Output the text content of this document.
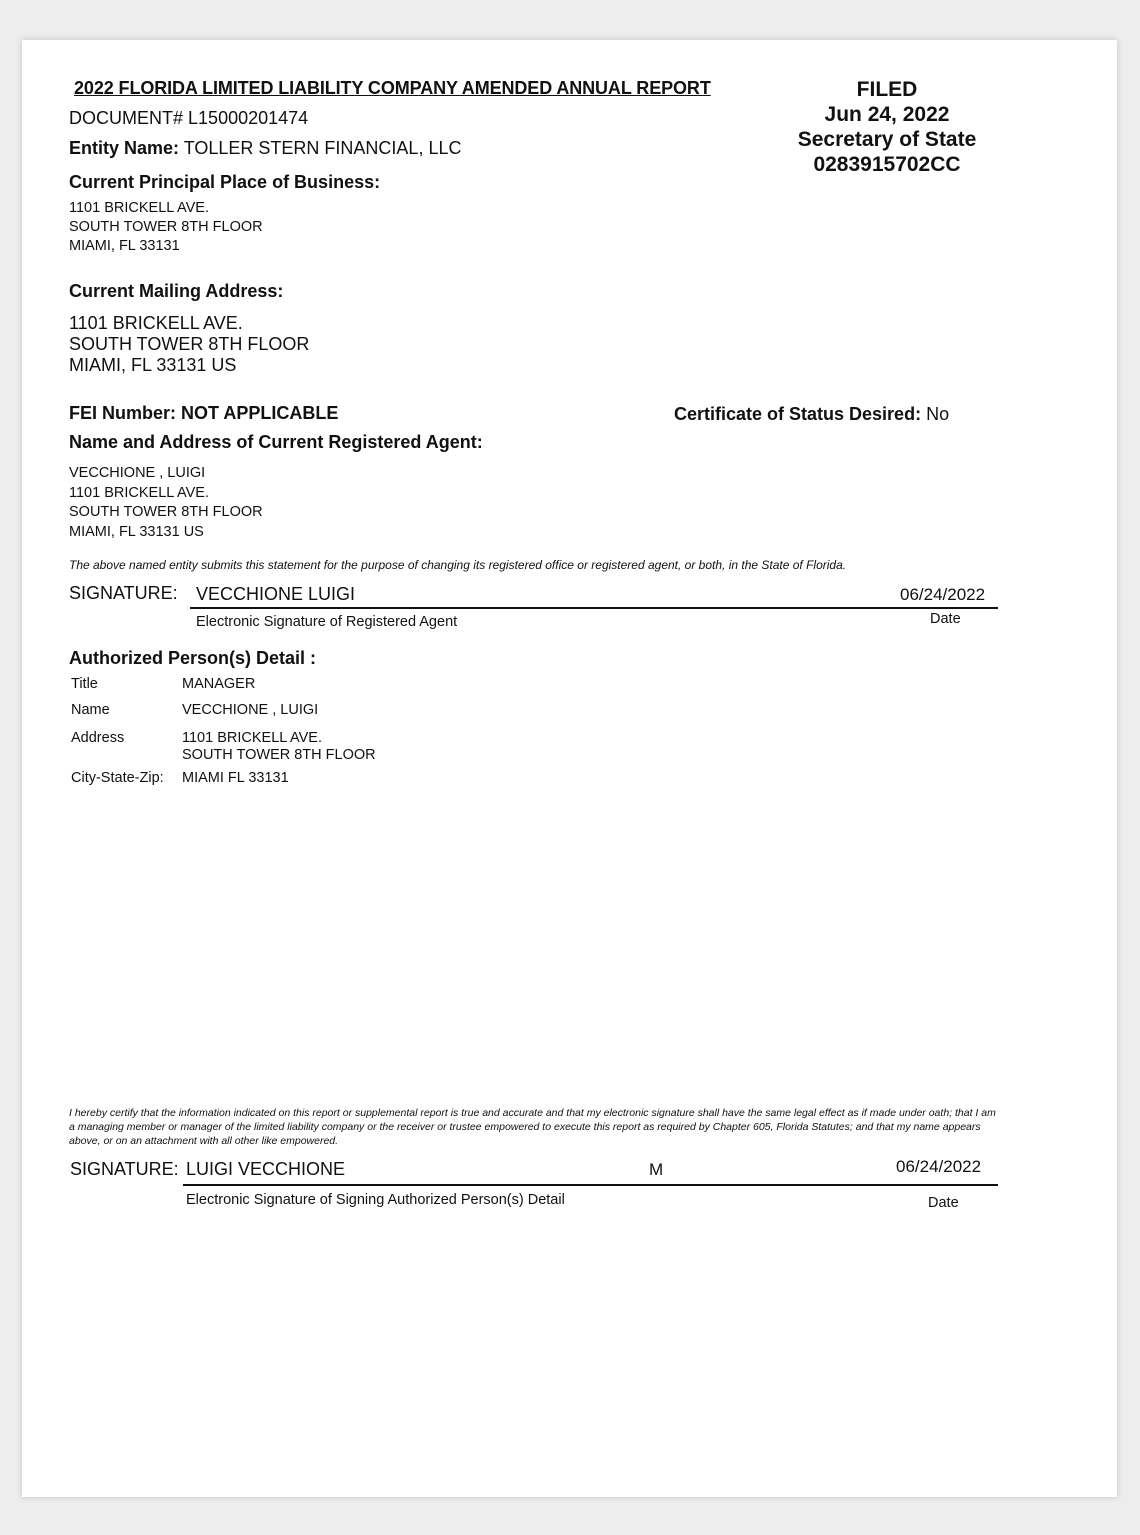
2022 FLORIDA LIMITED LIABILITY COMPANY AMENDED ANNUAL REPORT	FILED
Jun 24, 2022
Secretary of State
0283915702CC
DOCUMENT# L15000201474
Entity Name: TOLLER STERN FINANCIAL, LLC
Current Principal Place of Business:
1101 BRICKELL AVE.
SOUTH TOWER 8TH FLOOR
MIAMI, FL 33131
Current Mailing Address:
1101 BRICKELL AVE.
SOUTH TOWER 8TH FLOOR
MIAMI, FL 33131 US
FEI Number: NOT APPLICABLE	Certificate of Status Desired: No
Name and Address of Current Registered Agent:
VECCHIONE , LUIGI
1101 BRICKELL AVE.
SOUTH TOWER 8TH FLOOR
MIAMI, FL 33131 US
The above named entity submits this statement for the purpose of changing its registered office or registered agent, or both, in the State of Florida.
SIGNATURE: VECCHIONE LUIGI	06/24/2022
Electronic Signature of Registered Agent	Date
Authorized Person(s) Detail :
Title	MANAGER
Name	VECCHIONE , LUIGI
Address	1101 BRICKELL AVE.
SOUTH TOWER 8TH FLOOR
City-State-Zip: MIAMI FL 33131
I hereby certify that the information indicated on this report or supplemental report is true and accurate and that my electronic signature shall have the same legal effect as if made under oath; that I am a managing member or manager of the limited liability company or the receiver or trustee empowered to execute this report as required by Chapter 605, Florida Statutes; and that my name appears above, or on an attachment with all other like empowered.
SIGNATURE: LUIGI VECCHIONE	M	06/24/2022
Electronic Signature of Signing Authorized Person(s) Detail	Date
